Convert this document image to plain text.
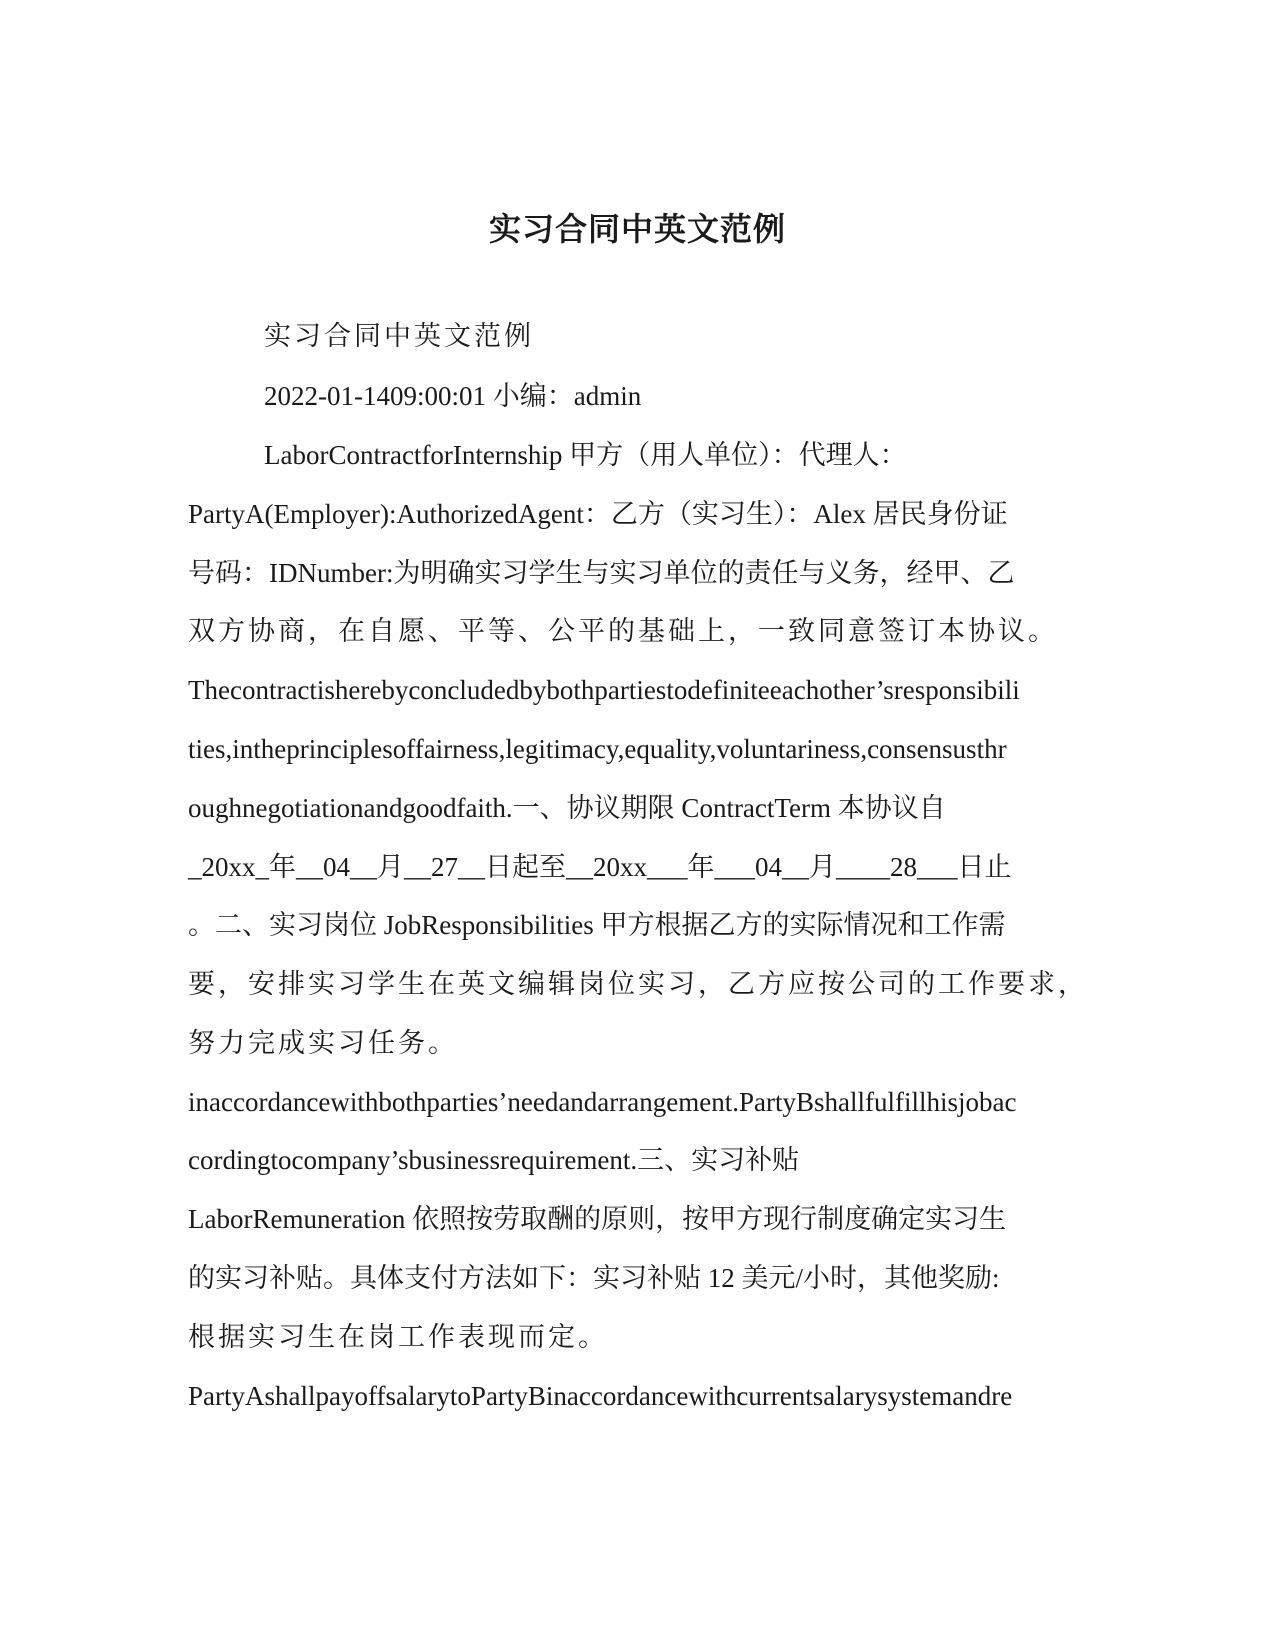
实习合同中英文范例
实习合同中英文范例
2022-01-1409:00:01 小编：admin
LaborContractforInternship 甲方（用人单位）：代理人：
PartyA(Employer):AuthorizedAgent：乙方（实习生）：Alex 居民身份证
号码：IDNumber:为明确实习学生与实习单位的责任与义务，经甲、乙
双方协商，在自愿、平等、公平的基础上，一致同意签订本协议。
Thecontractisherebyconcludedbybothpartiestodefiniteeachother’sresponsibili
ties,intheprinciplesoffairness,legitimacy,equality,voluntariness,consensusthr
oughnegotiationandgoodfaith.一、协议期限 ContractTerm 本协议自
_20xx_年__04__月__27__日起至__20xx___年___04__月____28___日止
。二、实习岗位 JobResponsibilities 甲方根据乙方的实际情况和工作需
要，安排实习学生在英文编辑岗位实习，乙方应按公司的工作要求，
努力完成实习任务。
inaccordancewithbothparties’needandarrangement.PartyBshallfulfillhisjobac
cordingtocompany’sbusinessrequirement.三、实习补贴
LaborRemuneration 依照按劳取酬的原则，按甲方现行制度确定实习生
的实习补贴。具体支付方法如下：实习补贴 12 美元/小时，其他奖励:
根据实习生在岗工作表现而定。
PartyAshallpayoffsalarytoPartyBinaccordancewithcurrentsalarysystemandre
